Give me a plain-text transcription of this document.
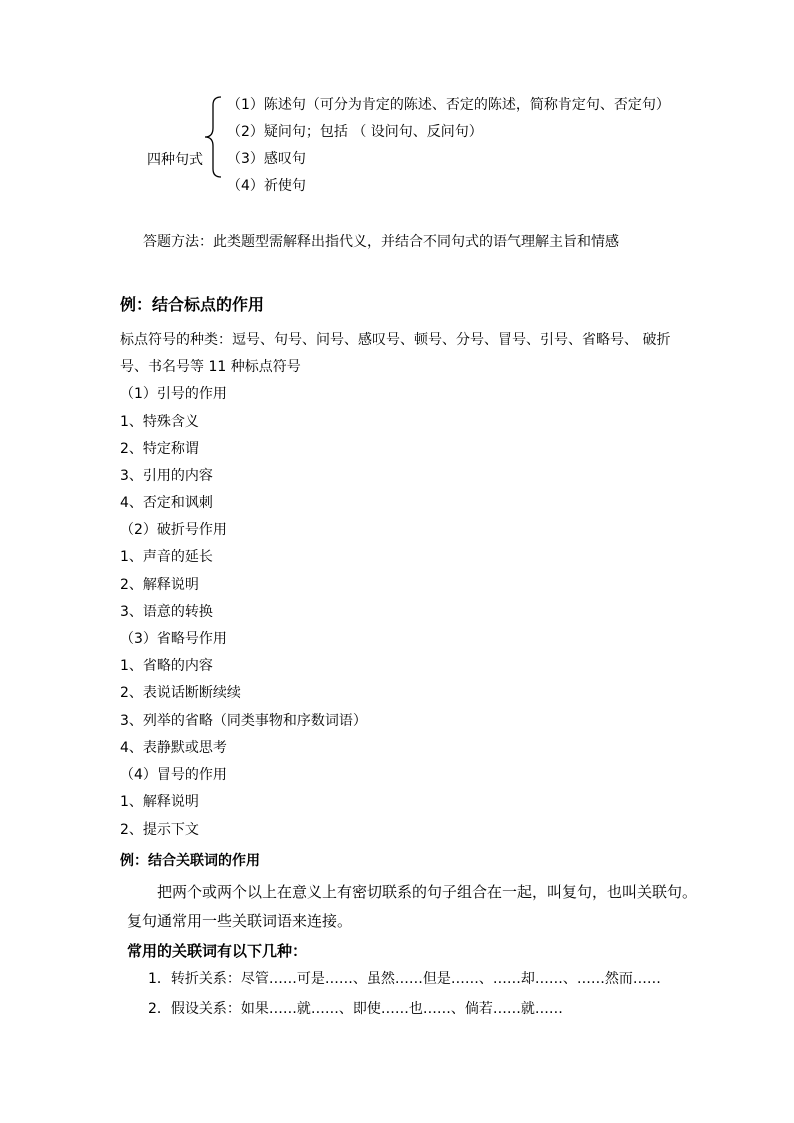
四种句式
（1）陈述句（可分为肯定的陈述、否定的陈述，简称肯定句、否定句）
（2）疑问句；包括 （ 设问句、反问句）
（3）感叹句
（4）祈使句
答题方法：此类题型需解释出指代义，并结合不同句式的语气理解主旨和情感
例：结合标点的作用
标点符号的种类：逗号、句号、问号、感叹号、顿号、分号、冒号、引号、省略号、 破折
号、书名号等 11 种标点符号
（1）引号的作用
1、特殊含义
2、特定称谓
3、引用的内容
4、否定和讽刺
（2）破折号作用
1、声音的延长
2、解释说明
3、语意的转换
（3）省略号作用
1、省略的内容
2、表说话断断续续
3、列举的省略（同类事物和序数词语）
4、表静默或思考
（4）冒号的作用
1、解释说明
2、提示下文
例：结合关联词的作用
把两个或两个以上在意义上有密切联系的句子组合在一起，叫复句，也叫关联句。
复句通常用一些关联词语来连接。
常用的关联词有以下几种：
1．转折关系：尽管……可是……、虽然……但是……、……却……、……然而……
2．假设关系：如果……就……、即使……也……、倘若……就……
